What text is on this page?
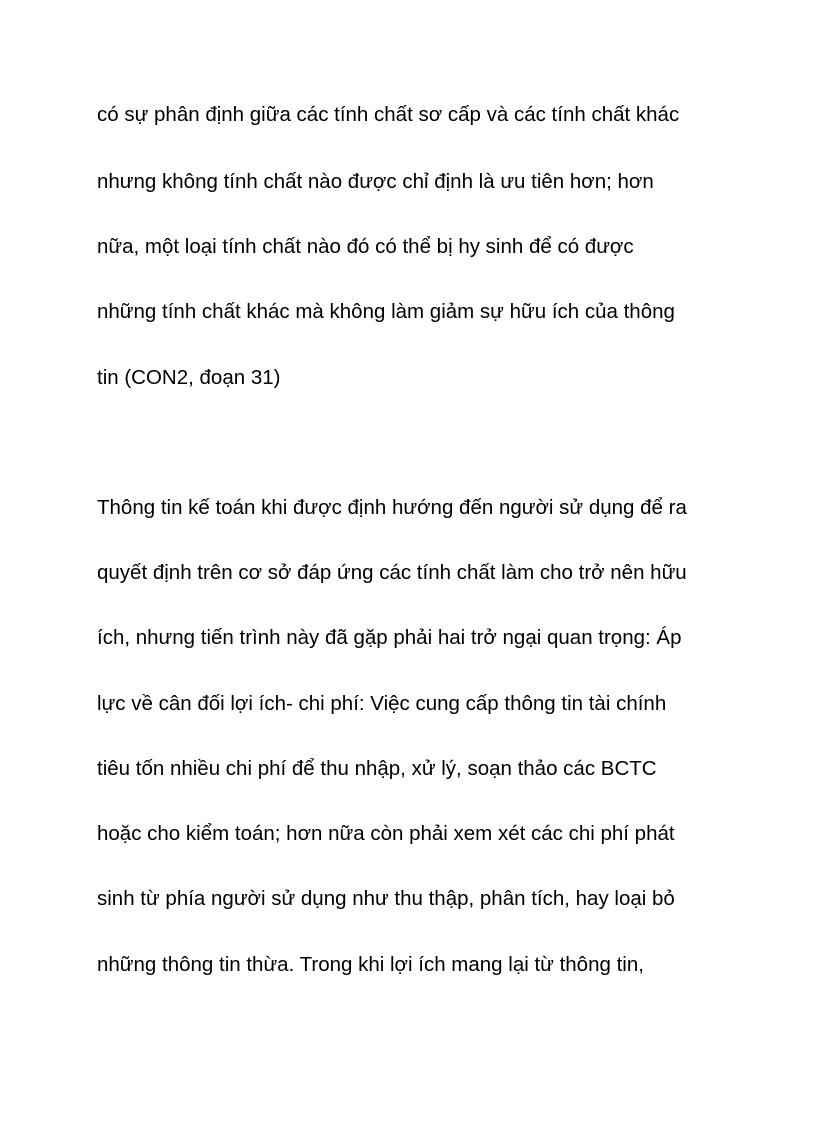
có sự phân định giữa các tính chất sơ cấp và các tính chất khác

nhưng không tính chất nào được chỉ định là ưu tiên hơn; hơn

nữa, một loại tính chất nào đó có thể bị hy sinh để có được

những tính chất khác mà không làm giảm sự hữu ích của thông

tin (CON2, đoạn 31)

Thông tin kế toán khi được định hướng đến người sử dụng để ra

quyết định trên cơ sở đáp ứng các tính chất làm cho trở nên hữu

ích, nhưng tiến trình này đã gặp phải hai trở ngại quan trọng: Áp

lực về cân đối lợi ích- chi phí: Việc cung cấp thông tin tài chính

tiêu tốn nhiều chi phí để thu nhập, xử lý, soạn thảo các BCTC

hoặc cho kiểm toán; hơn nữa còn phải xem xét các chi phí phát

sinh từ phía người sử dụng như thu thập, phân tích, hay loại bỏ

những thông tin thừa. Trong khi lợi ích mang lại từ thông tin,
